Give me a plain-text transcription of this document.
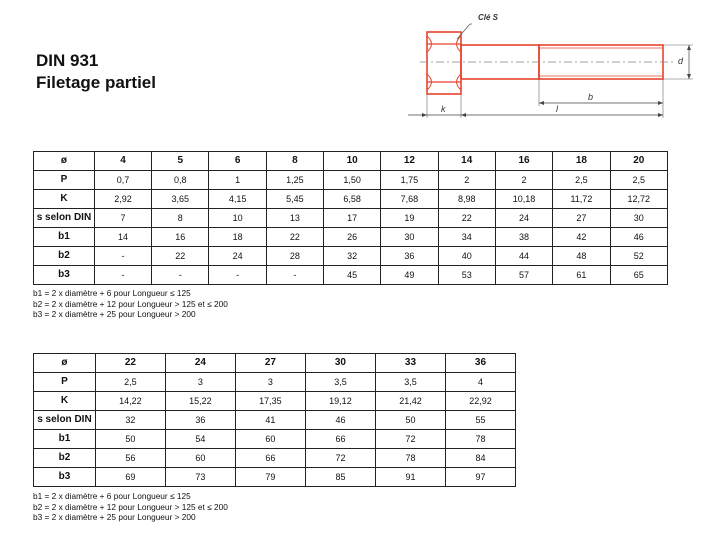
DIN 931
Filetage partiel
Clé S
d
b
k	l
ø	4	5	6	8	10	12	14	16	18	20
P	0,7	0,8	1	1,25	1,50	1,75	2	2	2,5	2,5
K	2,92	3,65	4,15	5,45	6,58	7,68	8,98	10,18	11,72	12,72
s selon DIN	7	8	10	13	17	19	22	24	27	30
b1	14	16	18	22	26	30	34	38	42	46
b2	-	22	24	28	32	36	40	44	48	52
b3	-	-	-	-	45	49	53	57	61	65
b1 = 2 x diamètre + 6 pour Longueur ≤ 125
b2 = 2 x diamètre + 12 pour Longueur > 125 et ≤ 200
b3 = 2 x diamètre + 25 pour Longueur > 200
ø	22	24	27	30	33	36
P	2,5	3	3	3,5	3,5	4
K	14,22	15,22	17,35	19,12	21,42	22,92
s selon DIN	32	36	41	46	50	55
b1	50	54	60	66	72	78
b2	56	60	66	72	78	84
b3	69	73	79	85	91	97
b1 = 2 x diamètre + 6 pour Longueur ≤ 125
b2 = 2 x diamètre + 12 pour Longueur > 125 et ≤ 200
b3 = 2 x diamètre + 25 pour Longueur > 200
